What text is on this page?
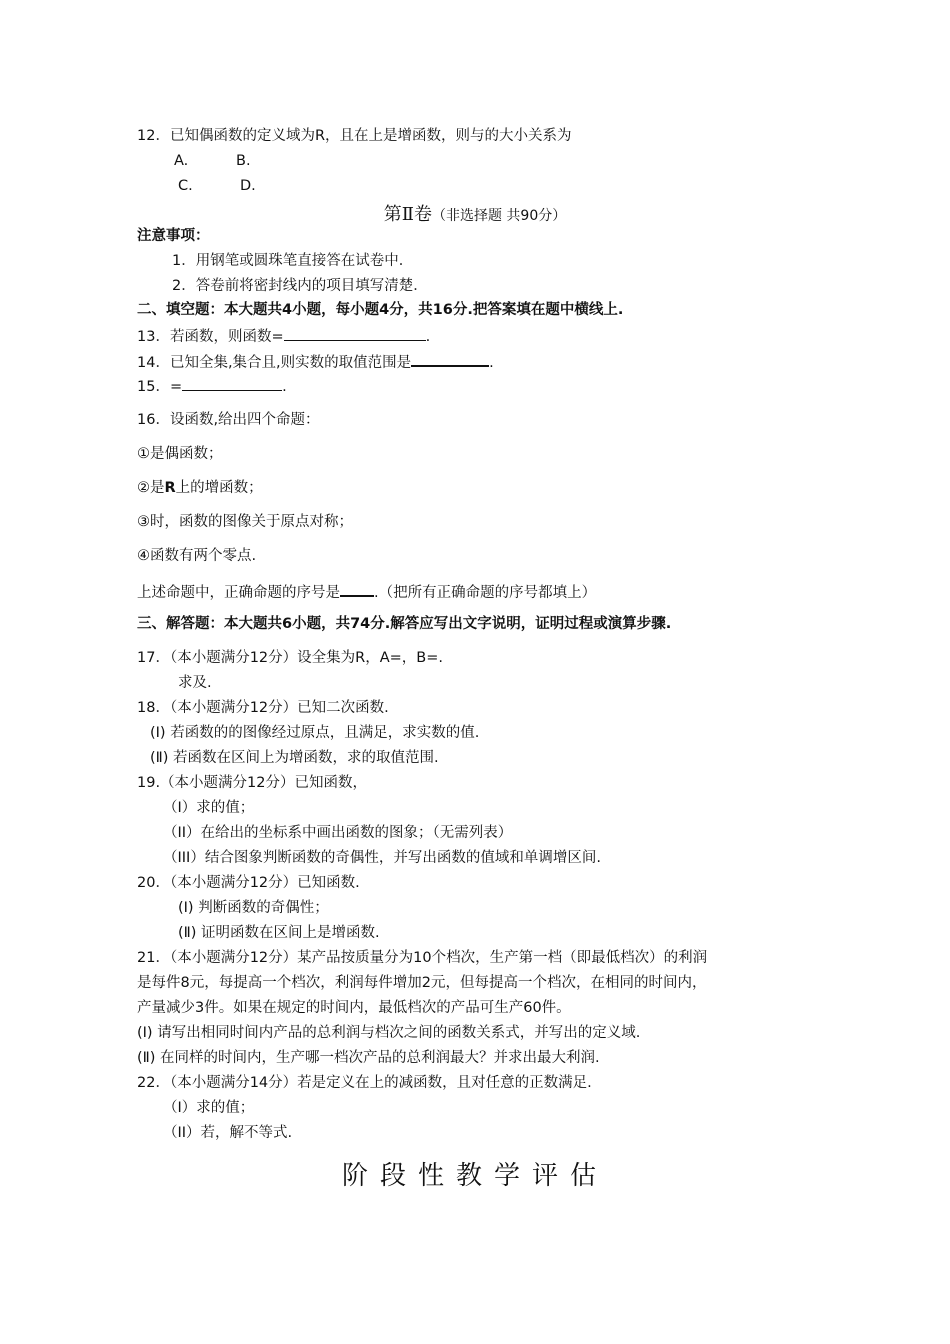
12．已知偶函数的定义域为R，且在上是增函数，则与的大小关系为
A.	B.
C.	D.
第Ⅱ卷（非选择题 共90分）
注意事项：
1．用钢笔或圆珠笔直接答在试卷中．
2．答卷前将密封线内的项目填写清楚．
二、填空题：本大题共4小题，每小题4分，共16分.把答案填在题中横线上.
13．若函数，则函数=	.
14．已知全集,集合且,则实数的取值范围是	.
15．=	.
16．设函数,给出四个命题：
①是偶函数；
②是R上的增函数；
③时，函数的图像关于原点对称；
④函数有两个零点.
上述命题中，正确命题的序号是 .（把所有正确命题的序号都填上）
三、解答题：本大题共6小题，共74分.解答应写出文字说明，证明过程或演算步骤.
17．（本小题满分12分）设全集为R，A=，B=.
求及.
18．（本小题满分12分）已知二次函数.
(Ⅰ) 若函数的的图像经过原点，且满足，求实数的值.
(Ⅱ) 若函数在区间上为增函数，求的取值范围.
19.（本小题满分12分）已知函数，
（I）求的值；
（II）在给出的坐标系中画出函数的图象；（无需列表）
（III）结合图象判断函数的奇偶性，并写出函数的值域和单调增区间.
20．（本小题满分12分）已知函数.
(Ⅰ) 判断函数的奇偶性；
(Ⅱ) 证明函数在区间上是增函数.
21．（本小题满分12分）某产品按质量分为10个档次，生产第一档（即最低档次）的利润
是每件8元，每提高一个档次，利润每件增加2元，但每提高一个档次，在相同的时间内，
产量减少3件。如果在规定的时间内，最低档次的产品可生产60件。
(Ⅰ) 请写出相同时间内产品的总利润与档次之间的函数关系式，并写出的定义域.
(Ⅱ) 在同样的时间内，生产哪一档次产品的总利润最大？并求出最大利润.
22．（本小题满分14分）若是定义在上的减函数，且对任意的正数满足.
（I）求的值；
（II）若，解不等式.
阶段性教学评估
